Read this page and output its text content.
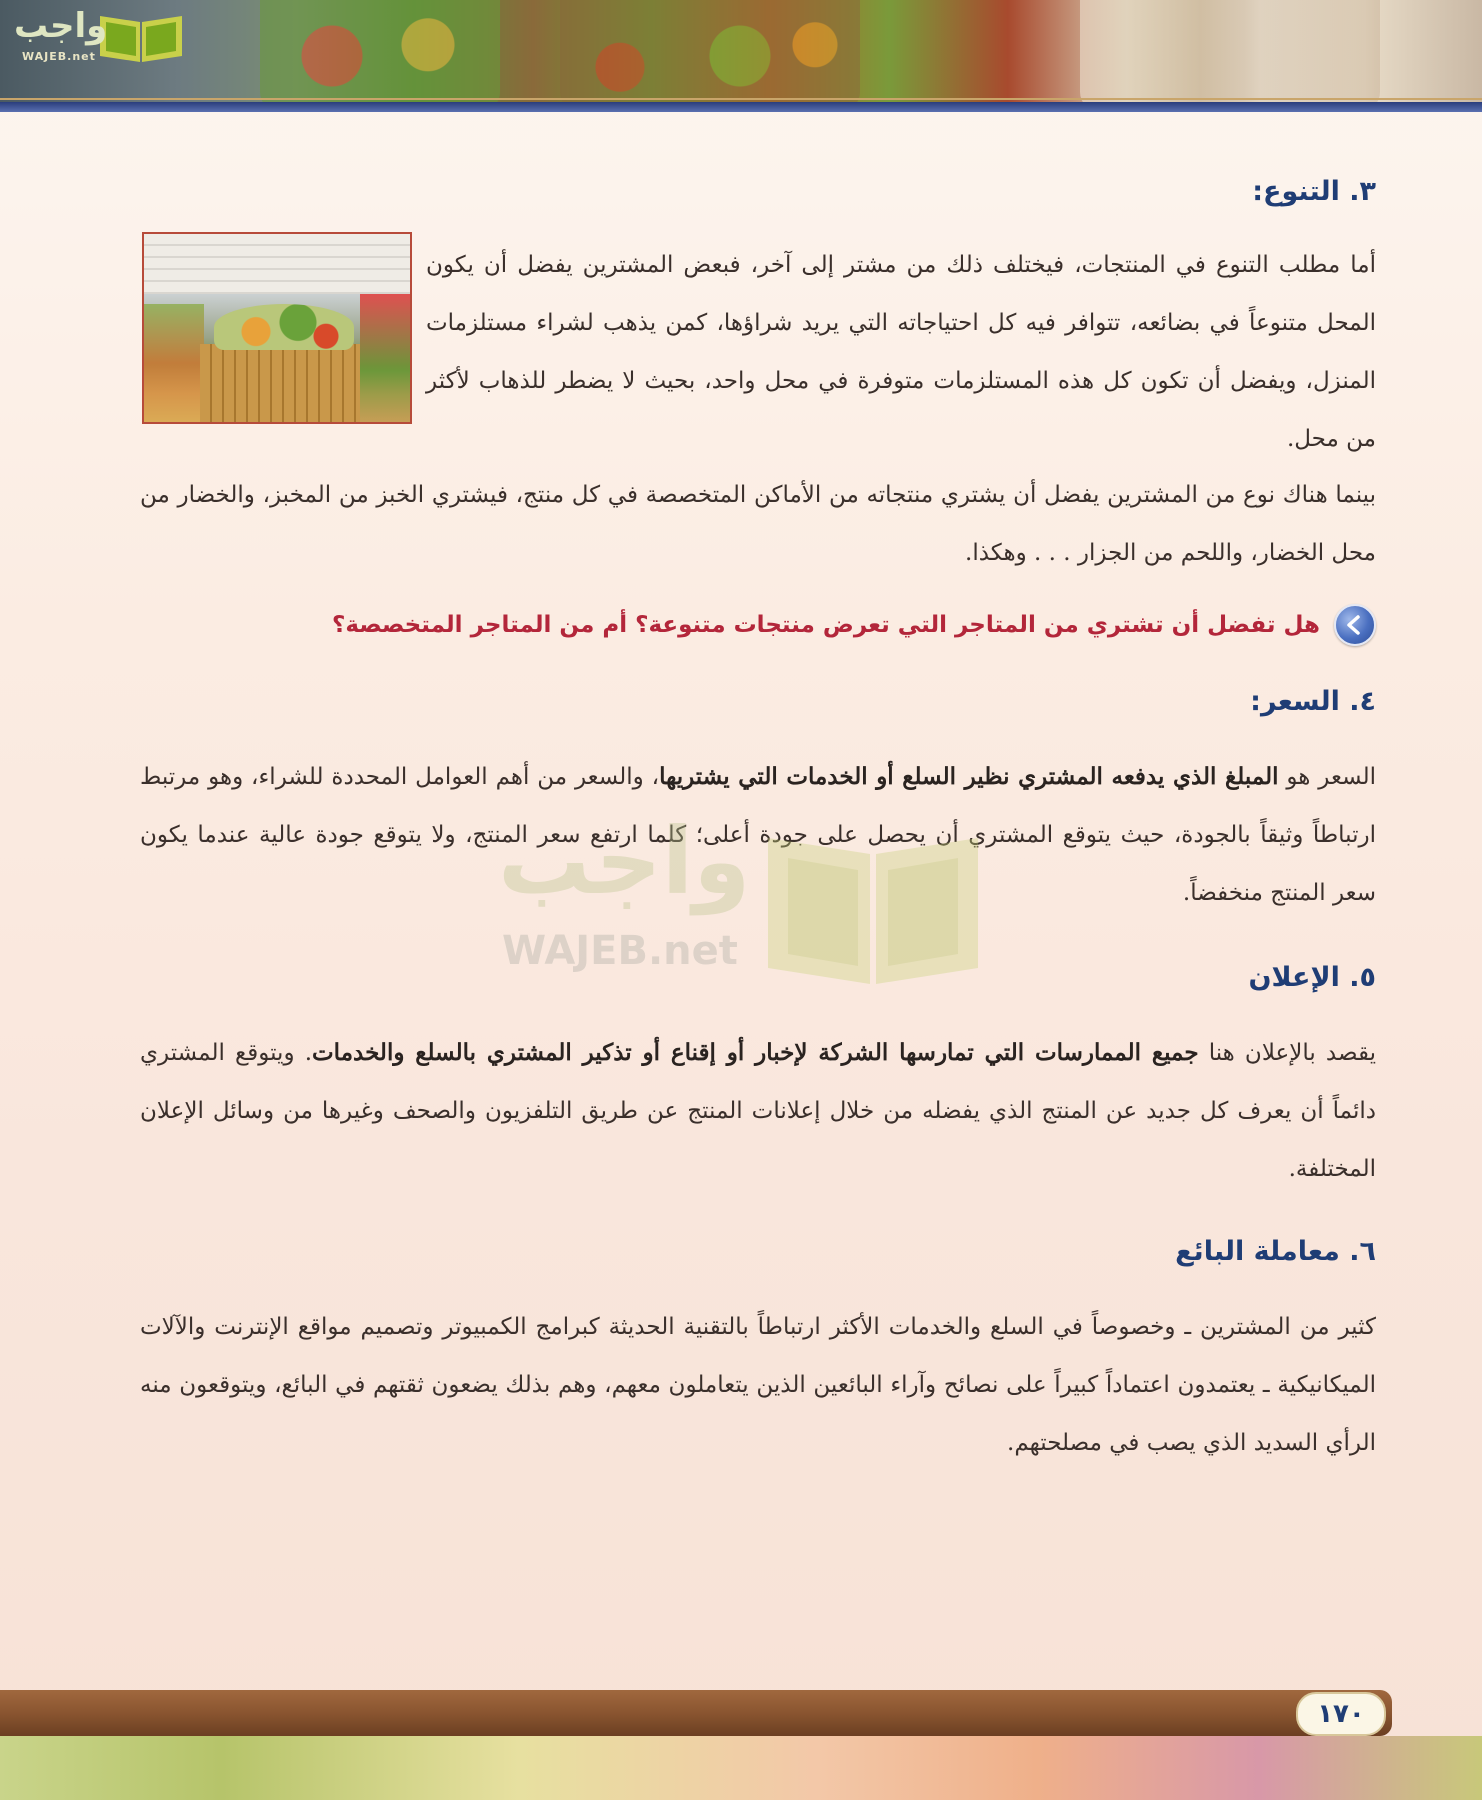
واجب
WAJEB.net
٣. التنوع:
أما مطلب التنوع في المنتجات، فيختلف ذلك من مشتر إلى آخر، فبعض المشترين يفضل أن يكون المحل متنوعاً في بضائعه، تتوافر فيه كل احتياجاته التي يريد شراؤها، كمن يذهب لشراء مستلزمات المنزل، ويفضل أن تكون كل هذه المستلزمات متوفرة في محل واحد، بحيث لا يضطر للذهاب لأكثر من محل.
بينما هناك نوع من المشترين يفضل أن يشتري منتجاته من الأماكن المتخصصة في كل منتج، فيشتري الخبز من المخبز، والخضار من محل الخضار، واللحم من الجزار . . . وهكذا.
هل تفضل أن تشتري من المتاجر التي تعرض منتجات متنوعة؟ أم من المتاجر المتخصصة؟
٤. السعر:
السعر هو المبلغ الذي يدفعه المشتري نظير السلع أو الخدمات التي يشتريها، والسعر من أهم العوامل المحددة للشراء، وهو مرتبط ارتباطاً وثيقاً بالجودة، حيث يتوقع المشتري أن يحصل على جودة أعلى؛ كلما ارتفع سعر المنتج، ولا يتوقع جودة عالية عندما يكون سعر المنتج منخفضاً.
واجب
WAJEB.net
٥. الإعلان
يقصد بالإعلان هنا جميع الممارسات التي تمارسها الشركة لإخبار أو إقناع أو تذكير المشتري بالسلع والخدمات. ويتوقع المشتري دائماً أن يعرف كل جديد عن المنتج الذي يفضله من خلال إعلانات المنتج عن طريق التلفزيون والصحف وغيرها من وسائل الإعلان المختلفة.
٦. معاملة البائع
كثير من المشترين ـ وخصوصاً في السلع والخدمات الأكثر ارتباطاً بالتقنية الحديثة كبرامج الكمبيوتر وتصميم مواقع الإنترنت والآلات الميكانيكية ـ يعتمدون اعتماداً كبيراً على نصائح وآراء البائعين الذين يتعاملون معهم، وهم بذلك يضعون ثقتهم في البائع، ويتوقعون منه الرأي السديد الذي يصب في مصلحتهم.
١٧٠
